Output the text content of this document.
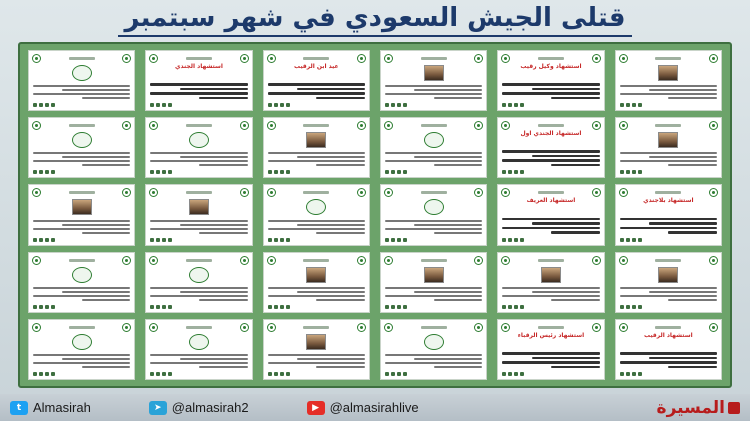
قتلى الجيش السعودي في شهر سبتمبر
استشهاد الجندي	عيد ابن الرقيب	استشهاد وكيل رقيب
استشهاد الجندي اول
استشهاد العريف	استشهاد بلاجندي
استشهاد رئيس الرقباء	استشهاد الرقيب
t Almasirah	➤ @almasirah2	▶ @almasirahlive	المسيرة
